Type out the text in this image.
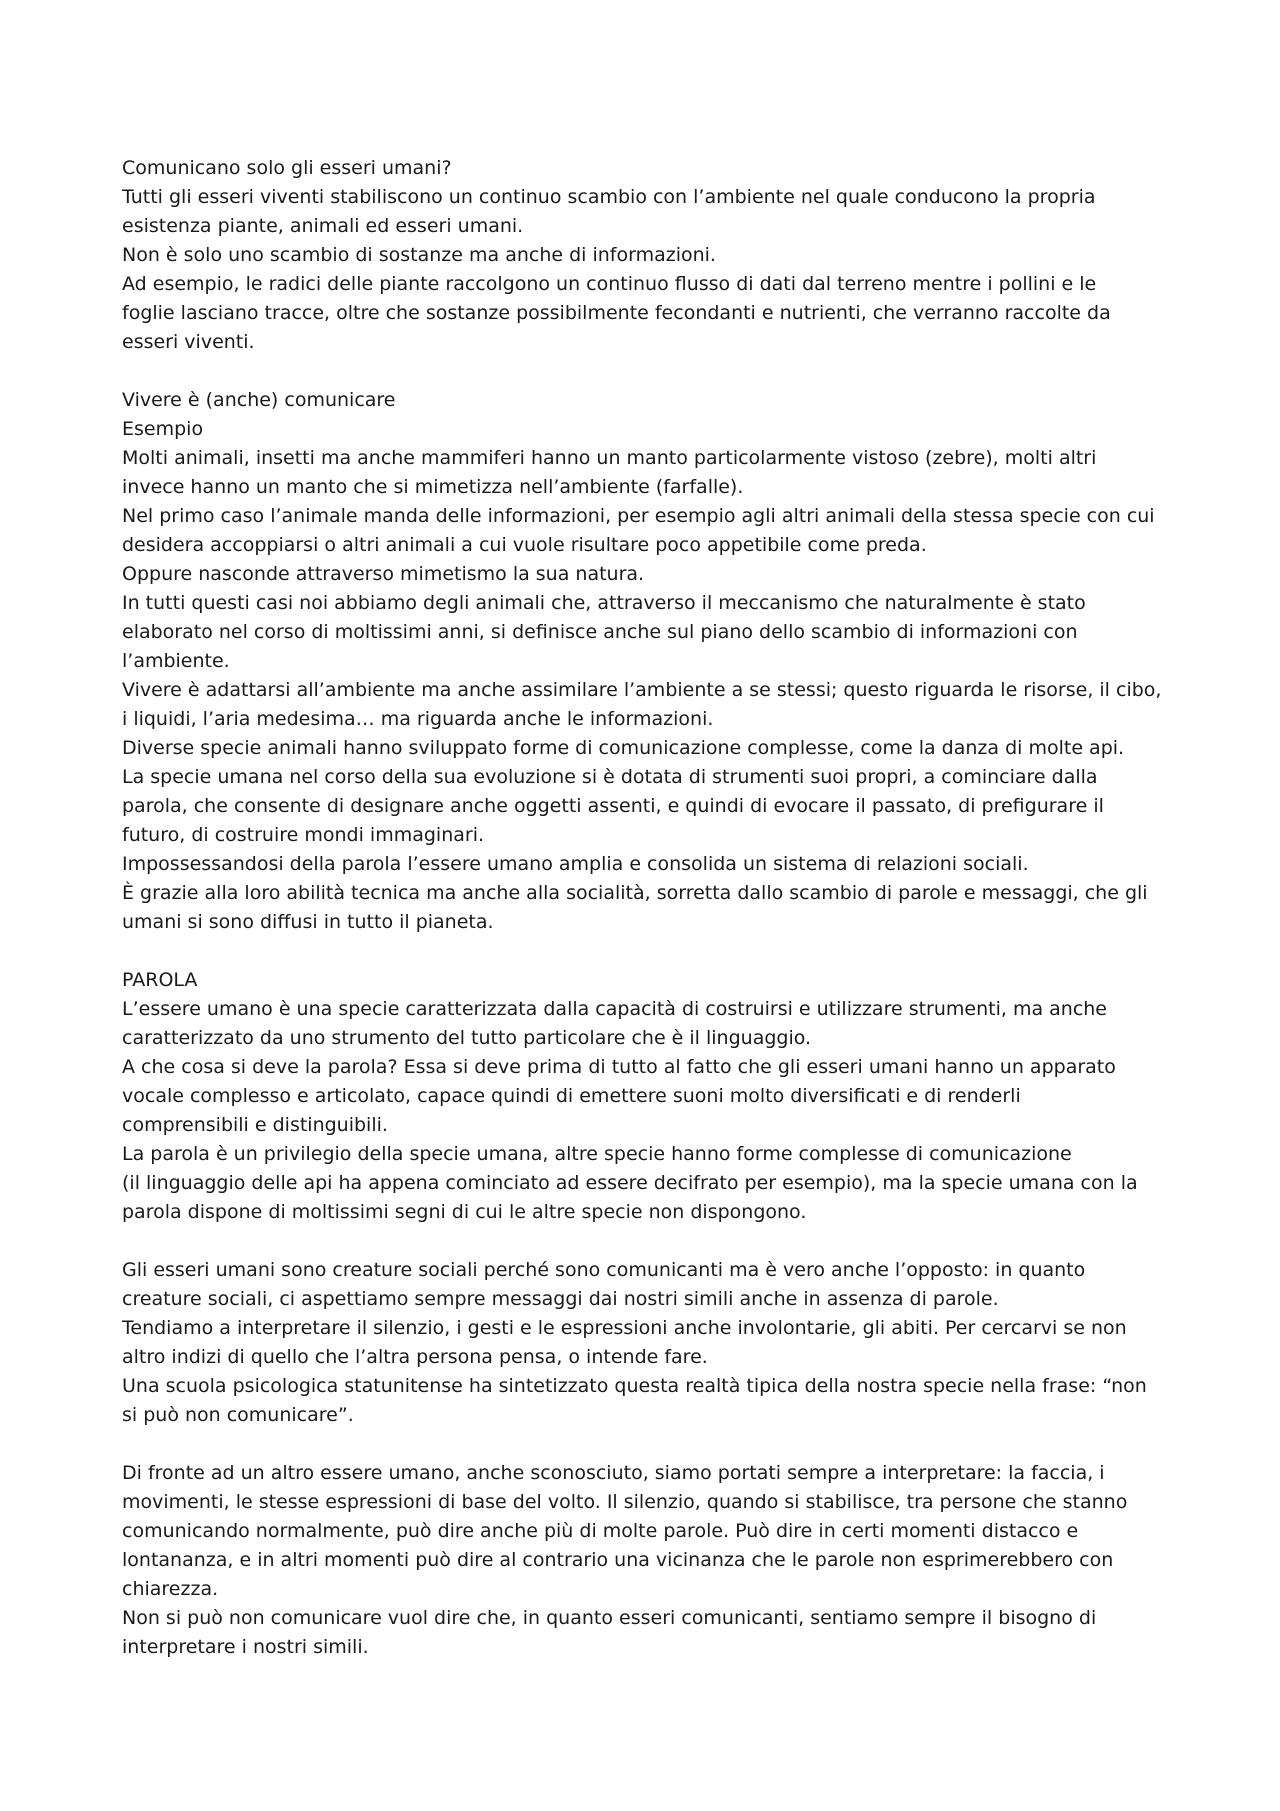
Comunicano solo gli esseri umani?
Tutti gli esseri viventi stabiliscono un continuo scambio con l’ambiente nel quale conducono la propria
esistenza piante, animali ed esseri umani.
Non è solo uno scambio di sostanze ma anche di informazioni.
Ad esempio, le radici delle piante raccolgono un continuo flusso di dati dal terreno mentre i pollini e le
foglie lasciano tracce, oltre che sostanze possibilmente fecondanti e nutrienti, che verranno raccolte da
esseri viventi.
Vivere è (anche) comunicare
Esempio
Molti animali, insetti ma anche mammiferi hanno un manto particolarmente vistoso (zebre), molti altri
invece hanno un manto che si mimetizza nell’ambiente (farfalle).
Nel primo caso l’animale manda delle informazioni, per esempio agli altri animali della stessa specie con cui
desidera accoppiarsi o altri animali a cui vuole risultare poco appetibile come preda.
Oppure nasconde attraverso mimetismo la sua natura.
In tutti questi casi noi abbiamo degli animali che, attraverso il meccanismo che naturalmente è stato
elaborato nel corso di moltissimi anni, si definisce anche sul piano dello scambio di informazioni con
l’ambiente.
Vivere è adattarsi all’ambiente ma anche assimilare l’ambiente a se stessi; questo riguarda le risorse, il cibo,
i liquidi, l’aria medesima… ma riguarda anche le informazioni.
Diverse specie animali hanno sviluppato forme di comunicazione complesse, come la danza di molte api.
La specie umana nel corso della sua evoluzione si è dotata di strumenti suoi propri, a cominciare dalla
parola, che consente di designare anche oggetti assenti, e quindi di evocare il passato, di prefigurare il
futuro, di costruire mondi immaginari.
Impossessandosi della parola l’essere umano amplia e consolida un sistema di relazioni sociali.
È grazie alla loro abilità tecnica ma anche alla socialità, sorretta dallo scambio di parole e messaggi, che gli
umani si sono diffusi in tutto il pianeta.
PAROLA
L’essere umano è una specie caratterizzata dalla capacità di costruirsi e utilizzare strumenti, ma anche
caratterizzato da uno strumento del tutto particolare che è il linguaggio.
A che cosa si deve la parola? Essa si deve prima di tutto al fatto che gli esseri umani hanno un apparato
vocale complesso e articolato, capace quindi di emettere suoni molto diversificati e di renderli
comprensibili e distinguibili.
La parola è un privilegio della specie umana, altre specie hanno forme complesse di comunicazione
(il linguaggio delle api ha appena cominciato ad essere decifrato per esempio), ma la specie umana con la
parola dispone di moltissimi segni di cui le altre specie non dispongono.
Gli esseri umani sono creature sociali perché sono comunicanti ma è vero anche l’opposto: in quanto
creature sociali, ci aspettiamo sempre messaggi dai nostri simili anche in assenza di parole.
Tendiamo a interpretare il silenzio, i gesti e le espressioni anche involontarie, gli abiti. Per cercarvi se non
altro indizi di quello che l’altra persona pensa, o intende fare.
Una scuola psicologica statunitense ha sintetizzato questa realtà tipica della nostra specie nella frase: “non
si può non comunicare”.
Di fronte ad un altro essere umano, anche sconosciuto, siamo portati sempre a interpretare: la faccia, i
movimenti, le stesse espressioni di base del volto. Il silenzio, quando si stabilisce, tra persone che stanno
comunicando normalmente, può dire anche più di molte parole. Può dire in certi momenti distacco e
lontananza, e in altri momenti può dire al contrario una vicinanza che le parole non esprimerebbero con
chiarezza.
Non si può non comunicare vuol dire che, in quanto esseri comunicanti, sentiamo sempre il bisogno di
interpretare i nostri simili.
